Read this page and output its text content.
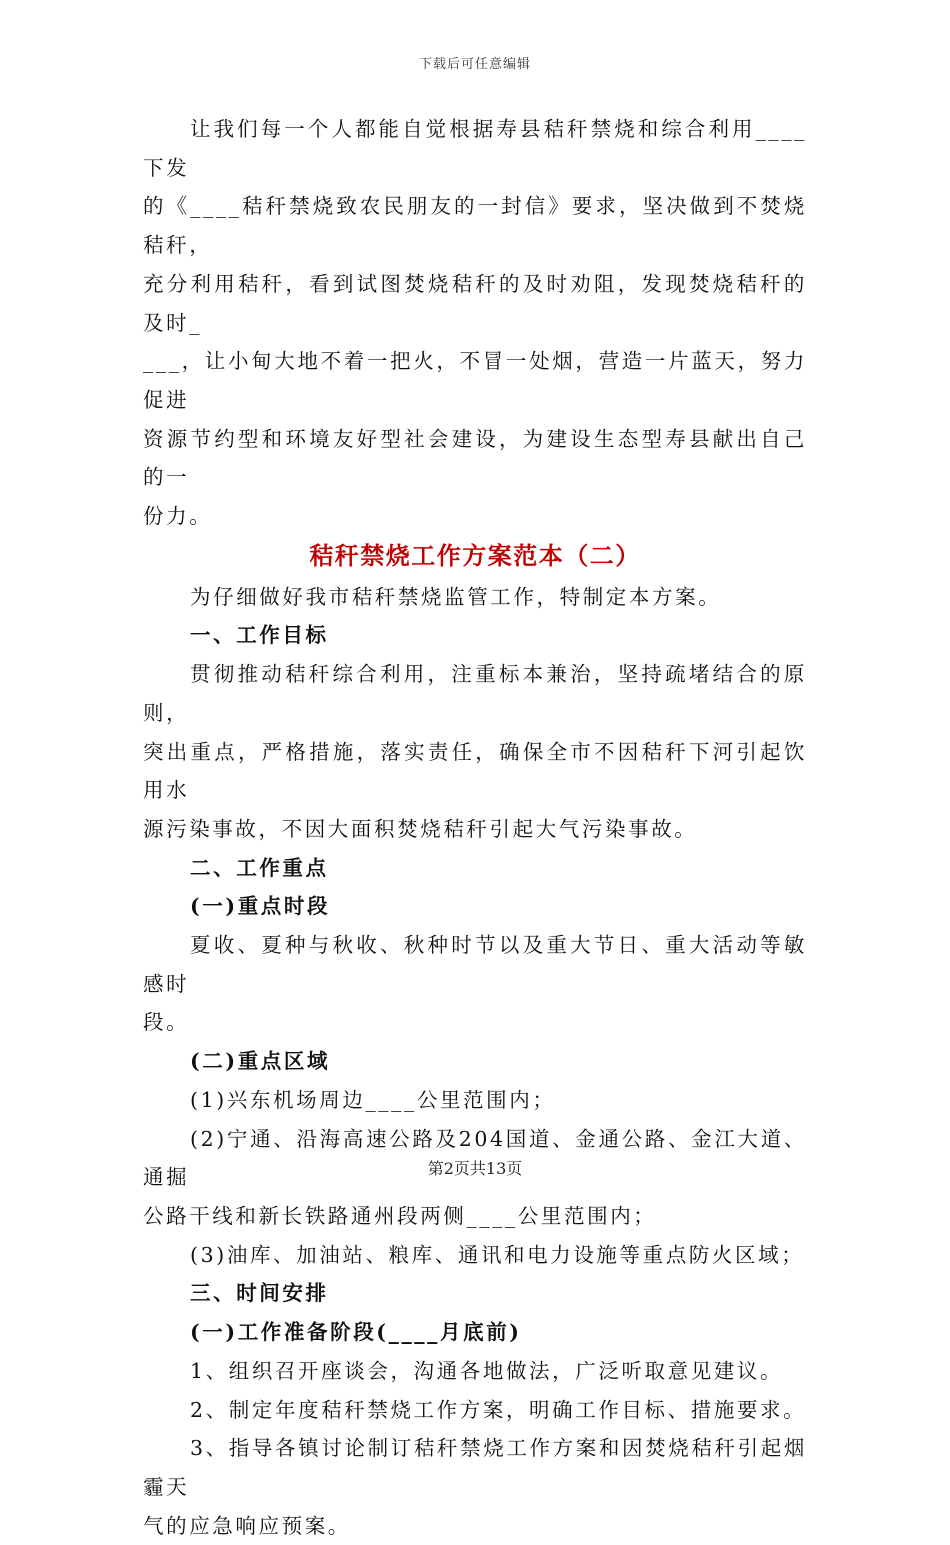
下载后可任意编辑

让我们每一个人都能自觉根据寿县秸秆禁烧和综合利用____下发
的《____秸秆禁烧致农民朋友的一封信》要求，坚决做到不焚烧秸秆，
充分利用秸秆，看到试图焚烧秸秆的及时劝阻，发现焚烧秸秆的及时_
___，让小甸大地不着一把火，不冒一处烟，营造一片蓝天，努力促进
资源节约型和环境友好型社会建设，为建设生态型寿县献出自己的一
份力。

秸秆禁烧工作方案范本（二）

为仔细做好我市秸秆禁烧监管工作，特制定本方案。

一、工作目标

贯彻推动秸秆综合利用，注重标本兼治，坚持疏堵结合的原则，
突出重点，严格措施，落实责任，确保全市不因秸秆下河引起饮用水
源污染事故，不因大面积焚烧秸秆引起大气污染事故。

二、工作重点

(一)重点时段

夏收、夏种与秋收、秋种时节以及重大节日、重大活动等敏感时
段。

(二)重点区域

(1)兴东机场周边____公里范围内；

(2)宁通、沿海高速公路及204国道、金通公路、金江大道、通掘
公路干线和新长铁路通州段两侧____公里范围内；

(3)油库、加油站、粮库、通讯和电力设施等重点防火区域；

三、时间安排

(一)工作准备阶段(____月底前)

1、组织召开座谈会，沟通各地做法，广泛听取意见建议。

2、制定年度秸秆禁烧工作方案，明确工作目标、措施要求。

3、指导各镇讨论制订秸秆禁烧工作方案和因焚烧秸秆引起烟霾天
气的应急响应预案。

第2页共13页
